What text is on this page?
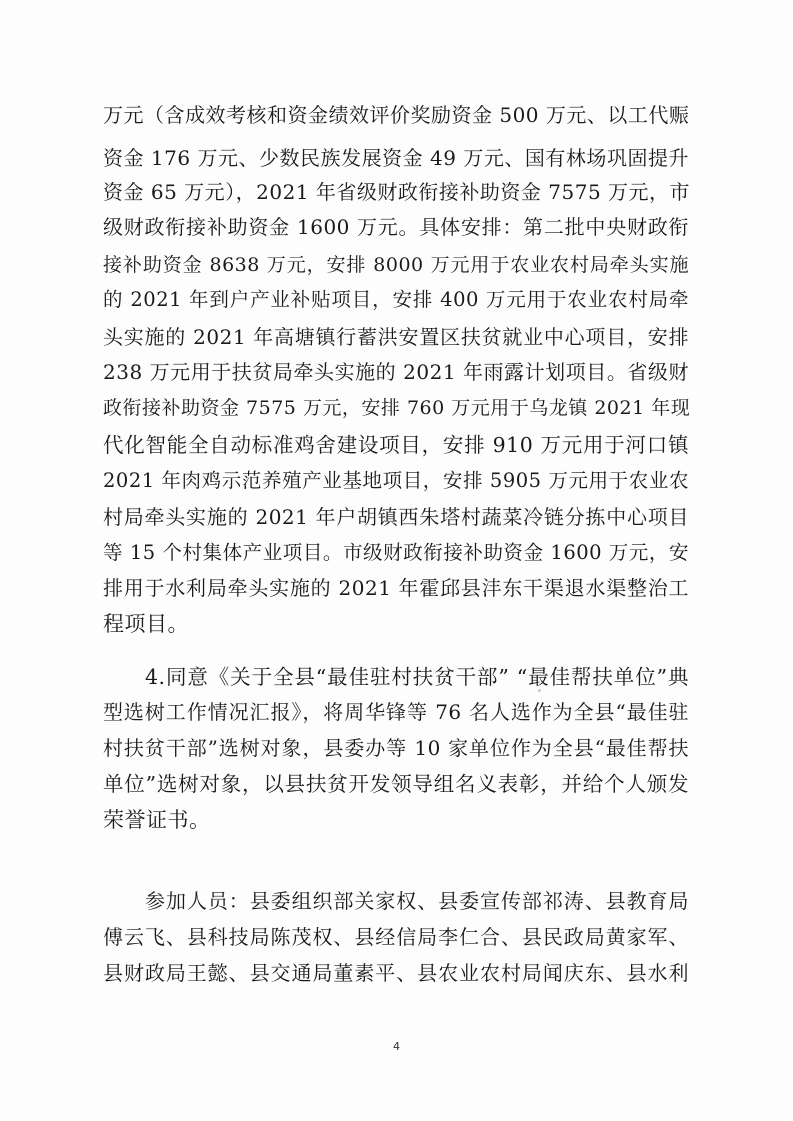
万元（含成效考核和资金绩效评价奖励资金 500 万元、以工代赈
资金 176 万元、少数民族发展资金 49 万元、国有林场巩固提升
资金 65 万元），2021 年省级财政衔接补助资金 7575 万元，市
级财政衔接补助资金 1600 万元。具体安排：第二批中央财政衔
接补助资金 8638 万元，安排 8000 万元用于农业农村局牵头实施
的 2021 年到户产业补贴项目，安排 400 万元用于农业农村局牵
头实施的 2021 年高塘镇行蓄洪安置区扶贫就业中心项目，安排
238 万元用于扶贫局牵头实施的 2021 年雨露计划项目。省级财
政衔接补助资金 7575 万元，安排 760 万元用于乌龙镇 2021 年现
代化智能全自动标准鸡舍建设项目，安排 910 万元用于河口镇
2021 年肉鸡示范养殖产业基地项目，安排 5905 万元用于农业农
村局牵头实施的 2021 年户胡镇西朱塔村蔬菜冷链分拣中心项目
等 15 个村集体产业项目。市级财政衔接补助资金 1600 万元，安
排用于水利局牵头实施的 2021 年霍邱县沣东干渠退水渠整治工
程项目。
4.同意《关于全县“最佳驻村扶贫干部” “最佳帮扶单位”典
型选树工作情况汇报》，将周华锋等 76 名人选作为全县“最佳驻
村扶贫干部”选树对象，县委办等 10 家单位作为全县“最佳帮扶
单位”选树对象，以县扶贫开发领导组名义表彰，并给个人颁发
荣誉证书。
参加人员：县委组织部关家权、县委宣传部祁涛、县教育局
傅云飞、县科技局陈茂权、县经信局李仁合、县民政局黄家军、
县财政局王懿、县交通局董素平、县农业农村局闻庆东、县水利
4
